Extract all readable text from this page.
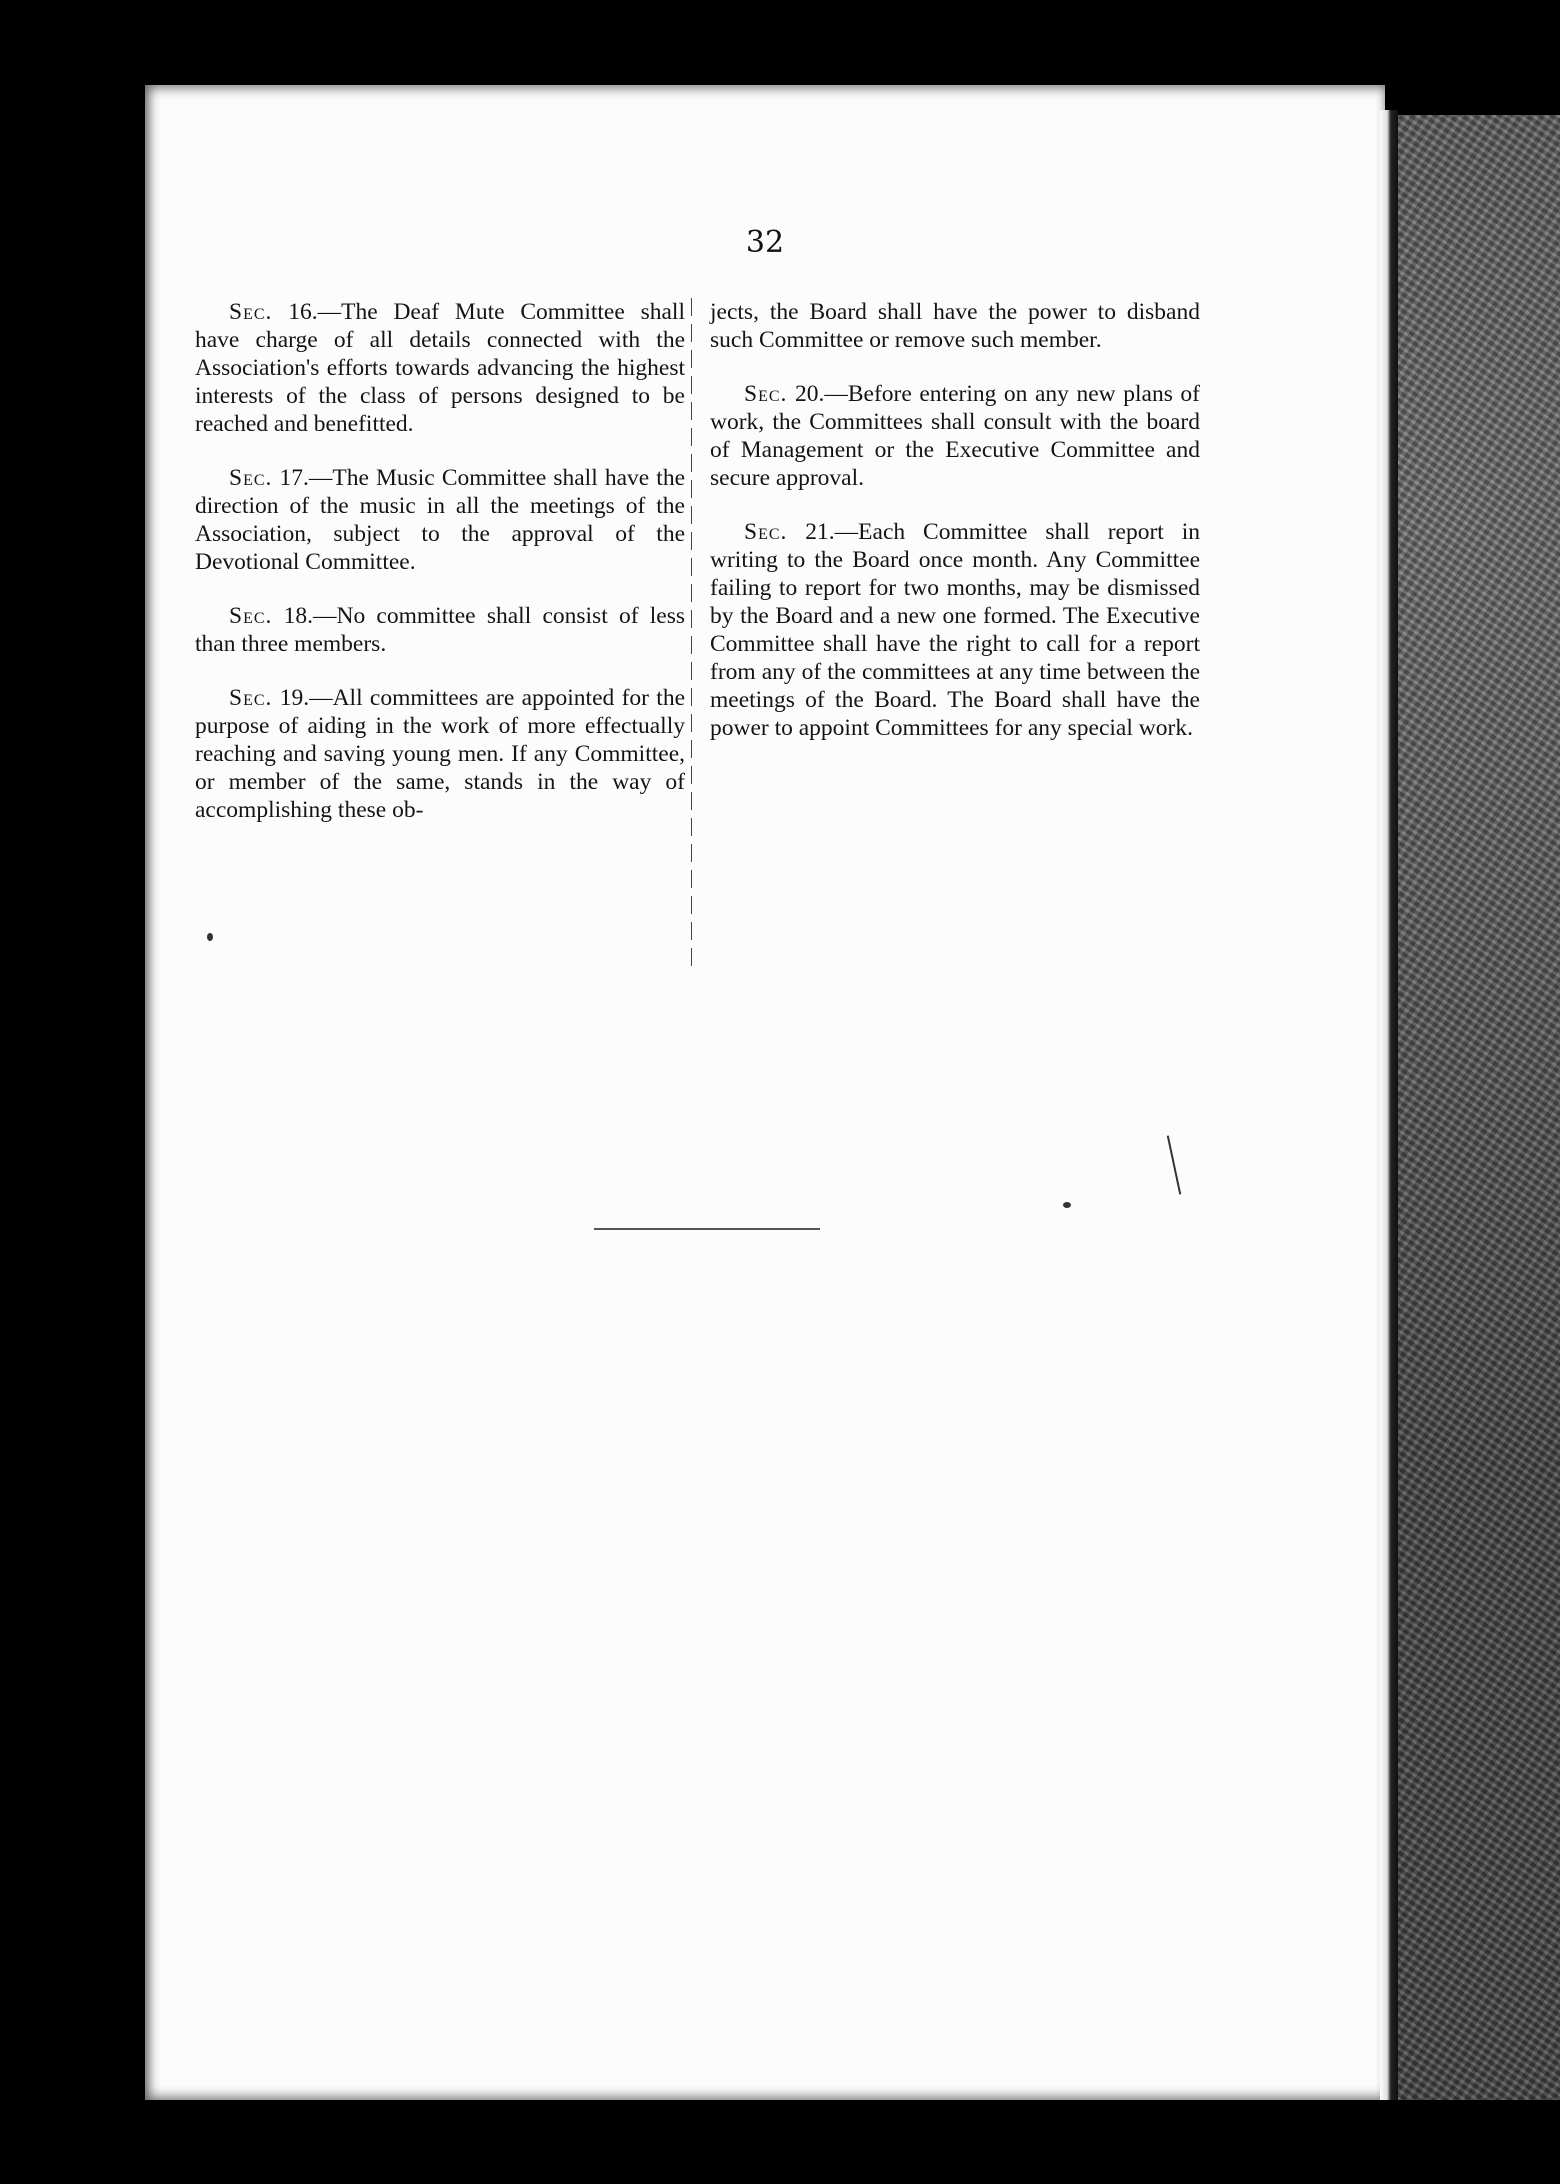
32

Sec. 16.—The Deaf Mute Committee shall have charge of all details connected with the Association's efforts towards advancing the highest interests of the class of persons designed to be reached and benefitted.

Sec. 17.—The Music Committee shall have the direction of the music in all the meetings of the Association, subject to the approval of the Devotional Committee.

Sec. 18.—No committee shall consist of less than three members.

Sec. 19.—All committees are appointed for the purpose of aiding in the work of more effectually reaching and saving young men. If any Committee, or member of the same, stands in the way of accomplishing these ob-

jects, the Board shall have the power to disband such Committee or remove such member.

Sec. 20.—Before entering on any new plans of work, the Committees shall consult with the board of Management or the Executive Committee and secure approval.

Sec. 21.—Each Committee shall report in writing to the Board once month. Any Committee failing to report for two months, may be dismissed by the Board and a new one formed. The Executive Committee shall have the right to call for a report from any of the committees at any time between the meetings of the Board. The Board shall have the power to appoint Committees for any special work.
